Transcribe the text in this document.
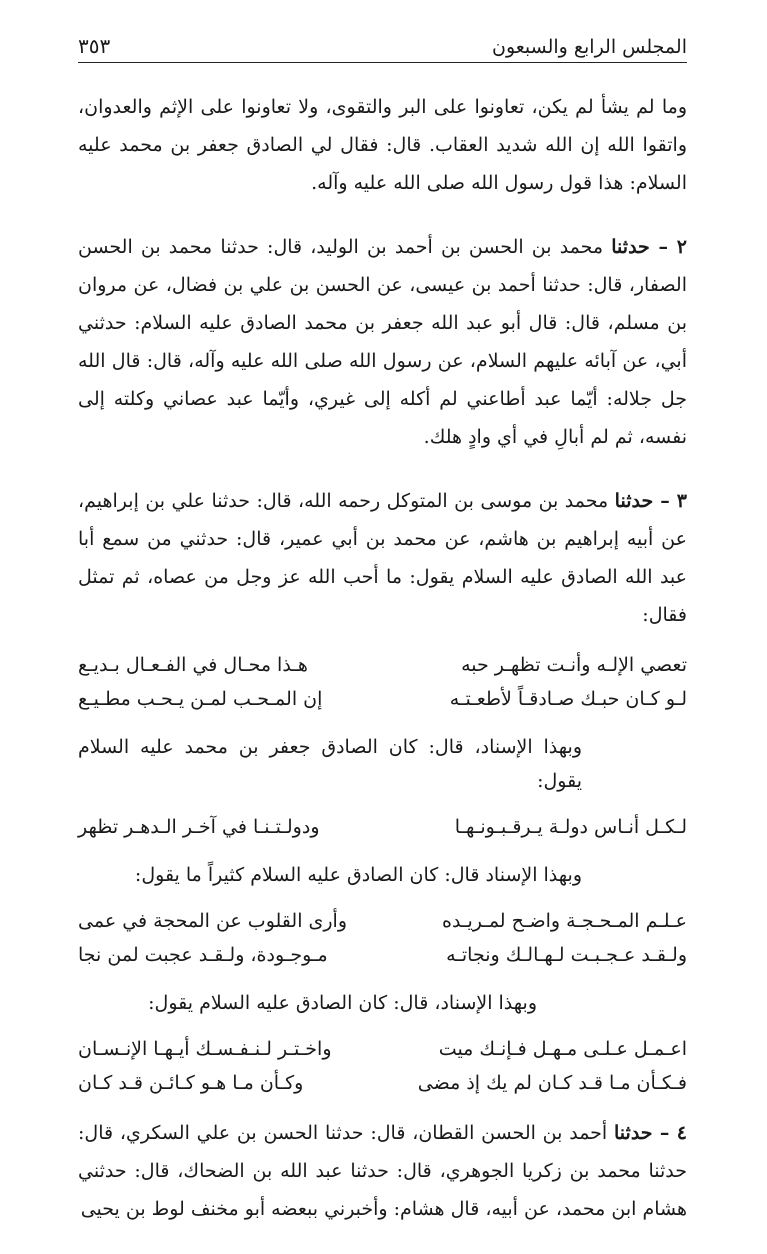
٣٥٣	المجلس الرابع والسبعون

وما لم يشأ لم يكن، تعاونوا على البر والتقوى، ولا تعاونوا على الإثم والعدوان، واتقوا الله إن الله شديد العقاب. قال: فقال لي الصادق جعفر بن محمد عليه السلام: هذا قول رسول الله صلى الله عليه وآله.

٢ – حدثنا محمد بن الحسن بن أحمد بن الوليد، قال: حدثنا محمد بن الحسن الصفار، قال: حدثنا أحمد بن عيسى، عن الحسن بن علي بن فضال، عن مروان بن مسلم، قال: قال أبو عبد الله جعفر بن محمد الصادق عليه السلام: حدثني أبي، عن آبائه عليهم السلام، عن رسول الله صلى الله عليه وآله، قال: قال الله جل جلاله: أيّما عبد أطاعني لم أكله إلى غيري، وأيّما عبد عصاني وكلته إلى نفسه، ثم لم أبالِ في أي وادٍ هلك.

٣ – حدثنا محمد بن موسى بن المتوكل رحمه الله، قال: حدثنا علي بن إبراهيم، عن أبيه إبراهيم بن هاشم، عن محمد بن أبي عمير، قال: حدثني من سمع أبا عبد الله الصادق عليه السلام يقول: ما أحب الله عز وجل من عصاه، ثم تمثل فقال:

تعصي الإلـه وأنـت تظهـر حبه
هـذا محـال في الفـعـال بـديـع
لـو كـان حبـك صـادقـاً لأطعـتـه
إن المـحـب لمـن يـحـب مطـيـع
وبهذا الإسناد، قال: كان الصادق جعفر بن محمد عليه السلام يقول:
لـكـل أنـاس دولـة يـرقـبـونـهـا
ودولـتـنـا في آخـر الـدهـر تظهر
وبهذا الإسناد قال: كان الصادق عليه السلام كثيراً ما يقول:
عـلـم المـحـجـة واضـح لمـريـده
وأرى القلوب عن المحجة في عمى
ولـقـد عـجـبـت لـهـالـك ونجاتـه
مـوجـودة، ولـقـد عجبت لمن نجا
وبهذا الإسناد، قال: كان الصادق عليه السلام يقول:
اعـمـل عـلـى مـهـل فـإنـك ميت
واخـتـر لـنـفـسـك أيـهـا الإنـسـان
فـكـأن مـا قـد كـان لم يك إذ مضى
وكـأن مـا هـو كـائـن قـد كـان

٤ – حدثنا أحمد بن الحسن القطان، قال: حدثنا الحسن بن علي السكري، قال: حدثنا محمد بن زكريا الجوهري، قال: حدثنا عبد الله بن الضحاك، قال: حدثني هشام ابن محمد، عن أبيه، قال هشام: وأخبرني ببعضه أبو مخنف لوط بن يحيى
